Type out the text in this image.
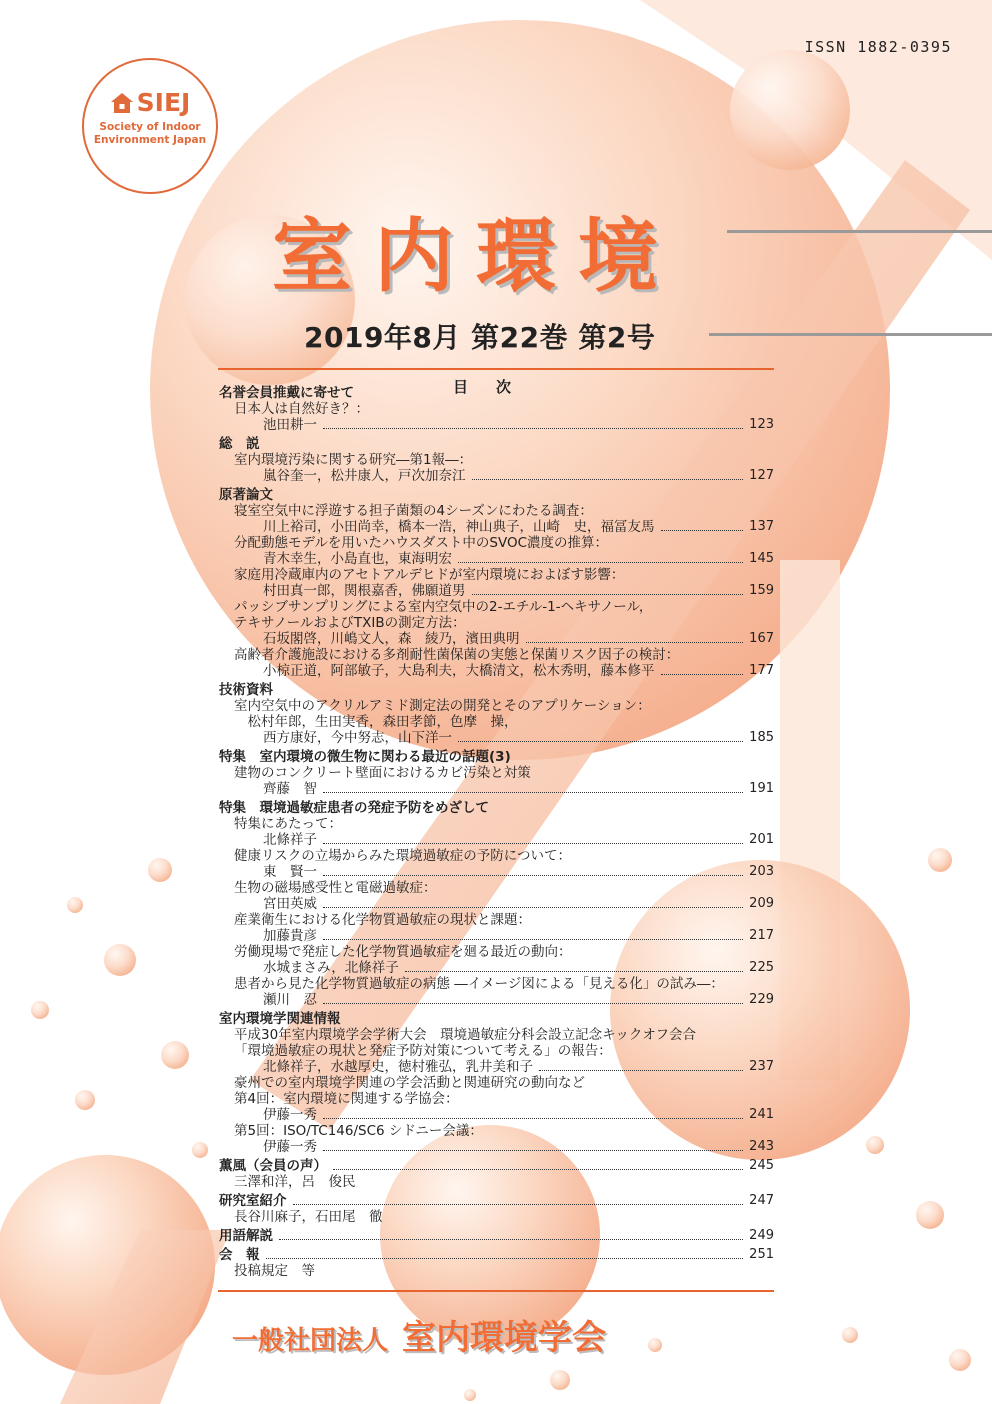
ISSN 1882-0395
SIEJ
Society of Indoor
Environment Japan
室内環境
2019年8月 第22巻 第2号
目次
名誉会員推戴に寄せて
日本人は自然好き？：
池田耕一	123
総　説
室内環境汚染に関する研究―第1報―：
嵐谷奎一，松井康人，戸次加奈江	127
原著論文
寝室空気中に浮遊する担子菌類の4シーズンにわたる調査：
川上裕司，小田尚幸，橋本一浩，神山典子，山崎　史，福冨友馬	137
分配動態モデルを用いたハウスダスト中のSVOC濃度の推算：
青木幸生，小島直也，東海明宏	145
家庭用冷蔵庫内のアセトアルデヒドが室内環境におよぼす影響：
村田真一郎，関根嘉香，佛願道男	159
パッシブサンプリングによる室内空気中の2-エチル-1-ヘキサノール，
テキサノールおよびTXIBの測定方法：
石坂閣啓，川嶋文人，森　綾乃，濱田典明	167
高齢者介護施設における多剤耐性菌保菌の実態と保菌リスク因子の検討：
小椋正道，阿部敏子，大島利夫，大橋清文，松木秀明，藤本修平	177
技術資料
室内空気中のアクリルアミド測定法の開発とそのアプリケーション：
　松村年郎，生田実香，森田孝節，色摩　操，
西方康好，今中努志，山下洋一	185
特集　室内環境の微生物に関わる最近の話題(3)
建物のコンクリート壁面におけるカビ汚染と対策
齊藤　智	191
特集　環境過敏症患者の発症予防をめざして
特集にあたって：
北條祥子	201
健康リスクの立場からみた環境過敏症の予防について：
東　賢一	203
生物の磁場感受性と電磁過敏症：
宮田英威	209
産業衛生における化学物質過敏症の現状と課題：
加藤貴彦	217
労働現場で発症した化学物質過敏症を廻る最近の動向：
水城まさみ，北條祥子	225
患者から見た化学物質過敏症の病態 ―イメージ図による「見える化」の試み―：
瀬川　忍	229
室内環境学関連情報
平成30年室内環境学会学術大会　環境過敏症分科会設立記念キックオフ会合
「環境過敏症の現状と発症予防対策について考える」の報告：
北條祥子，水越厚史，徳村雅弘，乳井美和子	237
豪州での室内環境学関連の学会活動と関連研究の動向など
第4回：室内環境に関連する学協会：
伊藤一秀	241
第5回：ISO/TC146/SC6 シドニー会議：
伊藤一秀	243
薫風（会員の声）	245
三澤和洋，呂　俊民
研究室紹介	247
長谷川麻子，石田尾　徹
用語解説	249
会　報	251
投稿規定　等
一般社団法人 室内環境学会
